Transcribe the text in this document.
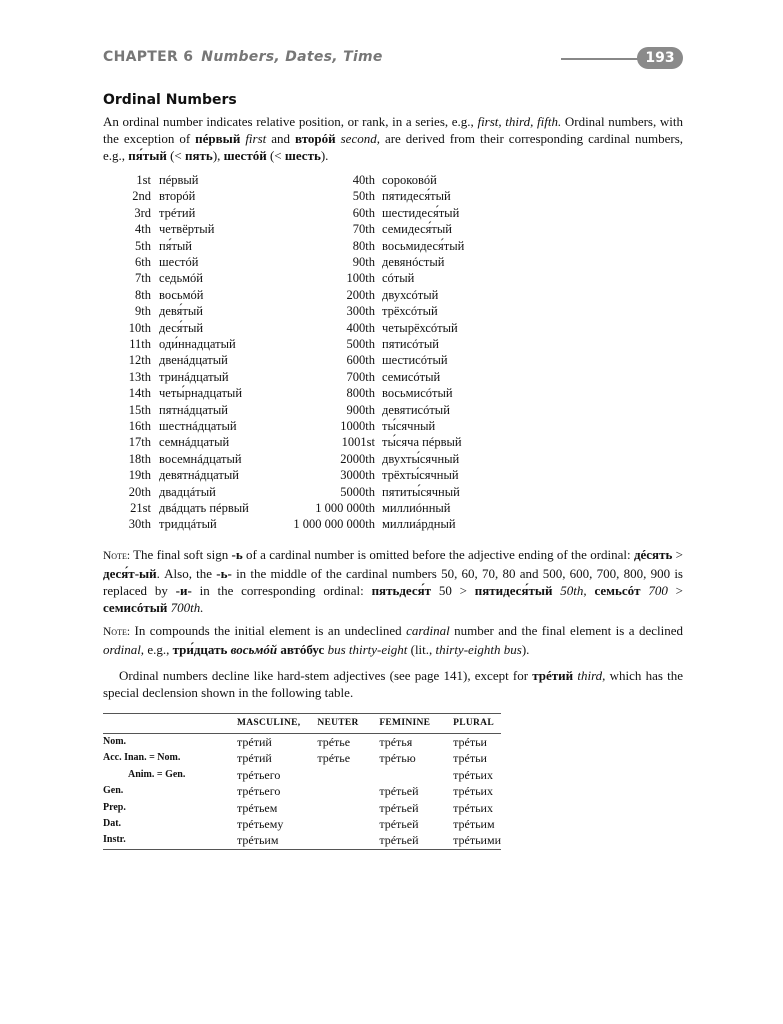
CHAPTER 6 Numbers, Dates, Time	193
Ordinal Numbers
An ordinal number indicates relative position, or rank, in a series, e.g., first, third, fifth. Ordinal numbers, with the exception of пéрвый first and вторóй second, are derived from their corresponding cardinal numbers, e.g., пя́тый (< пять), шестóй (< шесть).
1st пéрвый
2nd вторóй
3rd трéтий
4th четвёртый
5th пя́тый
6th шестóй
7th седьмóй
8th восьмóй
9th девя́тый
10th деся́тый
11th оди́ннадцатый
12th двенáдцатый
13th тринáдцатый
14th четы́рнадцатый
15th пятнáдцатый
16th шестнáдцатый
17th семнáдцатый
18th восемнáдцатый
19th девятнáдцатый
20th двадцáтый
21st двáдцать пéрвый
30th тридцáтый
40th сороковóй
50th пятидеся́тый
60th шестидеся́тый
70th семидеся́тый
80th восьмидеся́тый
90th девянóстый
100th сóтый
200th двухсóтый
300th трёхсóтый
400th четырёхсóтый
500th пятисóтый
600th шестисóтый
700th семисóтый
800th восьмисóтый
900th девятисóтый
1000th ты́сячный
1001st ты́сяча пéрвый
2000th двухты́сячный
3000th трёхты́сячный
5000th пятиты́сячный
1 000 000th миллиóнный
1 000 000 000th миллиáрдный
Note: The final soft sign -ь of a cardinal number is omitted before the adjective ending of the ordinal: дéсять > деся́т-ый. Also, the -ь- in the middle of the cardinal numbers 50, 60, 70, 80 and 500, 600, 700, 800, 900 is replaced by -и- in the corresponding ordinal: пятьдеся́т 50 > пятидеся́тый 50th, семьсóт 700 > семисóтый 700th.
Note: In compounds the initial element is an undeclined cardinal number and the final element is a declined ordinal, e.g., три́дцать восьмóй автóбус bus thirty-eight (lit., thirty-eighth bus).
Ordinal numbers decline like hard-stem adjectives (see page 141), except for трéтий third, which has the special declension shown in the following table.
	MASCULINE,	NEUTER	FEMININE	PLURAL
Nom.	трéтий	трéтье	трéтья	трéтьи
Acc. Inan. = Nom.	трéтий	трéтье	трéтью	трéтьи
Anim. = Gen.	трéтьего			трéтьих
Gen.	трéтьего		трéтьей	трéтьих
Prep.	трéтьем		трéтьей	трéтьих
Dat.	трéтьему		трéтьей	трéтьим
Instr.	трéтьим		трéтьей	трéтьими
